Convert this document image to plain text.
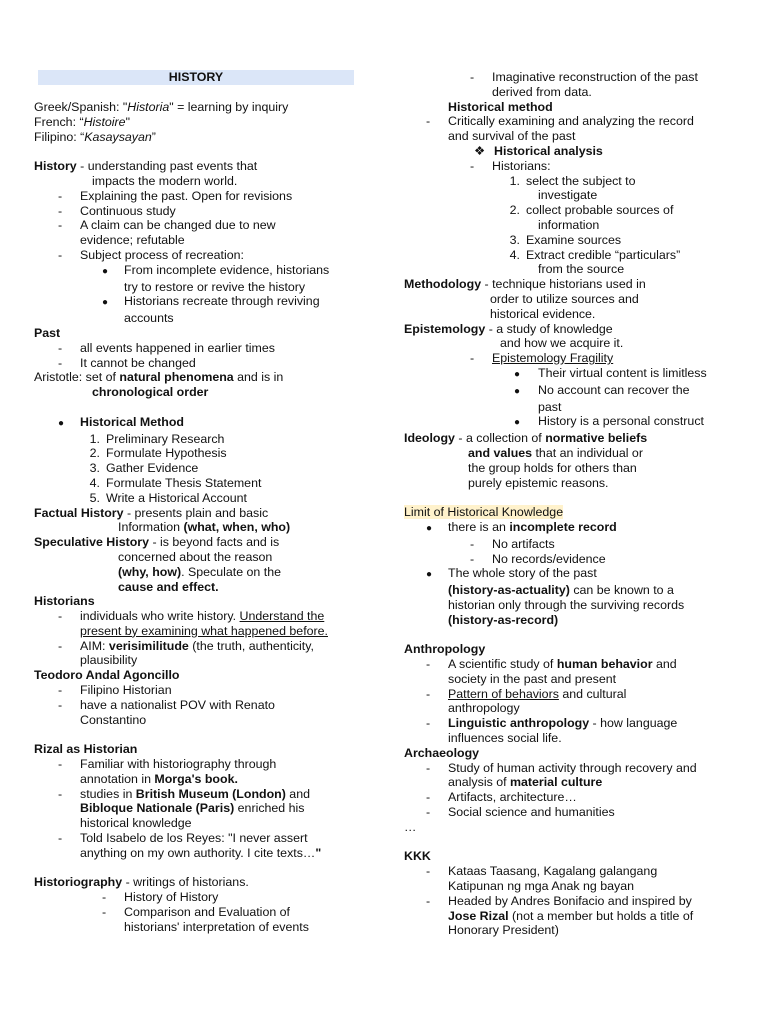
HISTORY
Greek/Spanish: "Historia" = learning by inquiry
French: “Histoire"
Filipino: “Kasaysayan”
History - understanding past events that
impacts the modern world.
- Explaining the past. Open for revisions
- Continuous study
- A claim can be changed due to new
evidence; refutable
- Subject process of recreation:
● From incomplete evidence, historians
try to restore or revive the history
● Historians recreate through reviving
accounts
Past
- all events happened in earlier times
- It cannot be changed
Aristotle: set of natural phenomena and is in
chronological order
● Historical Method
1. Preliminary Research
2. Formulate Hypothesis
3. Gather Evidence
4. Formulate Thesis Statement
5. Write a Historical Account
Factual History - presents plain and basic
Information (what, when, who)
Speculative History - is beyond facts and is
concerned about the reason
(why, how). Speculate on the
cause and effect.
Historians
- individuals who write history. Understand the
present by examining what happened before.
- AIM: verisimilitude (the truth, authenticity,
plausibility
Teodoro Andal Agoncillo
- Filipino Historian
- have a nationalist POV with Renato
Constantino
Rizal as Historian
- Familiar with historiography through
annotation in Morga's book.
- studies in British Museum (London) and
Bibloque Nationale (Paris) enriched his
historical knowledge
- Told Isabelo de los Reyes: "I never assert
anything on my own authority. I cite texts…"
Historiography - writings of historians.
- History of History
- Comparison and Evaluation of
historians' interpretation of events
- Imaginative reconstruction of the past
derived from data.
Historical method
- Critically examining and analyzing the record
and survival of the past
❖ Historical analysis
- Historians:
1. select the subject to
investigate
2. collect probable sources of
information
3. Examine sources
4. Extract credible “particulars”
from the source
Methodology - technique historians used in
order to utilize sources and
historical evidence.
Epistemology - a study of knowledge
and how we acquire it.
- Epistemology Fragility
● Their virtual content is limitless
● No account can recover the
past
● History is a personal construct
Ideology - a collection of normative beliefs
and values that an individual or
the group holds for others than
purely epistemic reasons.
Limit of Historical Knowledge
● there is an incomplete record
- No artifacts
- No records/evidence
● The whole story of the past
(history-as-actuality) can be known to a
historian only through the surviving records
(history-as-record)
Anthropology
- A scientific study of human behavior and
society in the past and present
- Pattern of behaviors and cultural
anthropology
- Linguistic anthropology - how language
influences social life.
Archaeology
- Study of human activity through recovery and
analysis of material culture
- Artifacts, architecture…
- Social science and humanities
…
KKK
- Kataas Taasang, Kagalang galangang
Katipunan ng mga Anak ng bayan
- Headed by Andres Bonifacio and inspired by
Jose Rizal (not a member but holds a title of
Honorary President)
